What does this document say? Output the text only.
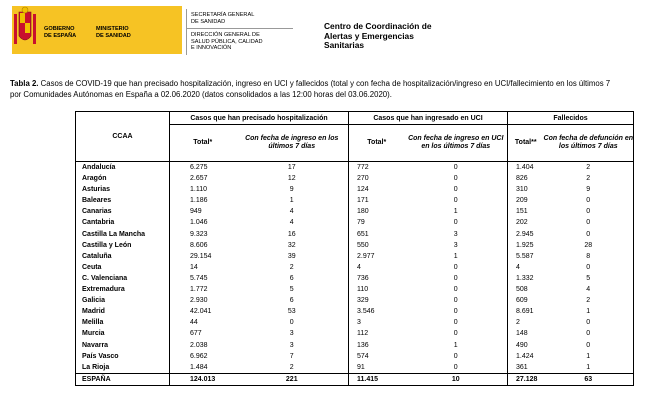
GOBIERNO
DE ESPAÑA
MINISTERIO
DE SANIDAD
SECRETARÍA GENERAL
DE SANIDAD
DIRECCIÓN GENERAL DE
SALUD PÚBLICA, CALIDAD
E INNOVACIÓN
Centro de Coordinación de
Alertas y Emergencias
Sanitarias
Tabla 2. Casos de COVID-19 que han precisado hospitalización, ingreso en UCI y fallecidos (total y con fecha de hospitalización/ingreso en UCI/fallecimiento en los últimos 7
por Comunidades Autónomas en España a 02.06.2020 (datos consolidados a las 12:00 horas del 03.06.2020).
CCAA	Casos que han precisado hospitalización		Casos que han ingresado en UCI		Fallecidos	
	Total*	Con fecha de ingreso en los últimos 7 días	Total*	Con fecha de ingreso en UCI en los últimos 7 días	Total**	Con fecha de defunción en los últimos 7 días
Andalucía	6.275	17	772	0	1.404	2
Aragón	2.657	12	270	0	826	2
Asturias	1.110	9	124	0	310	9
Baleares	1.186	1	171	0	209	0
Canarias	949	4	180	1	151	0
Cantabria	1.046	4	79	0	202	0
Castilla La Mancha	9.323	16	651	3	2.945	0
Castilla y León	8.606	32	550	3	1.925	28
Cataluña	29.154	39	2.977	1	5.587	8
Ceuta	14	2	4	0	4	0
C. Valenciana	5.745	6	736	0	1.332	5
Extremadura	1.772	5	110	0	508	4
Galicia	2.930	6	329	0	609	2
Madrid	42.041	53	3.546	0	8.691	1
Melilla	44	0	3	0	2	0
Murcia	677	3	112	0	148	0
Navarra	2.038	3	136	1	490	0
País Vasco	6.962	7	574	0	1.424	1
La Rioja	1.484	2	91	0	361	1
ESPAÑA	124.013	221	11.415	10	27.128	63
